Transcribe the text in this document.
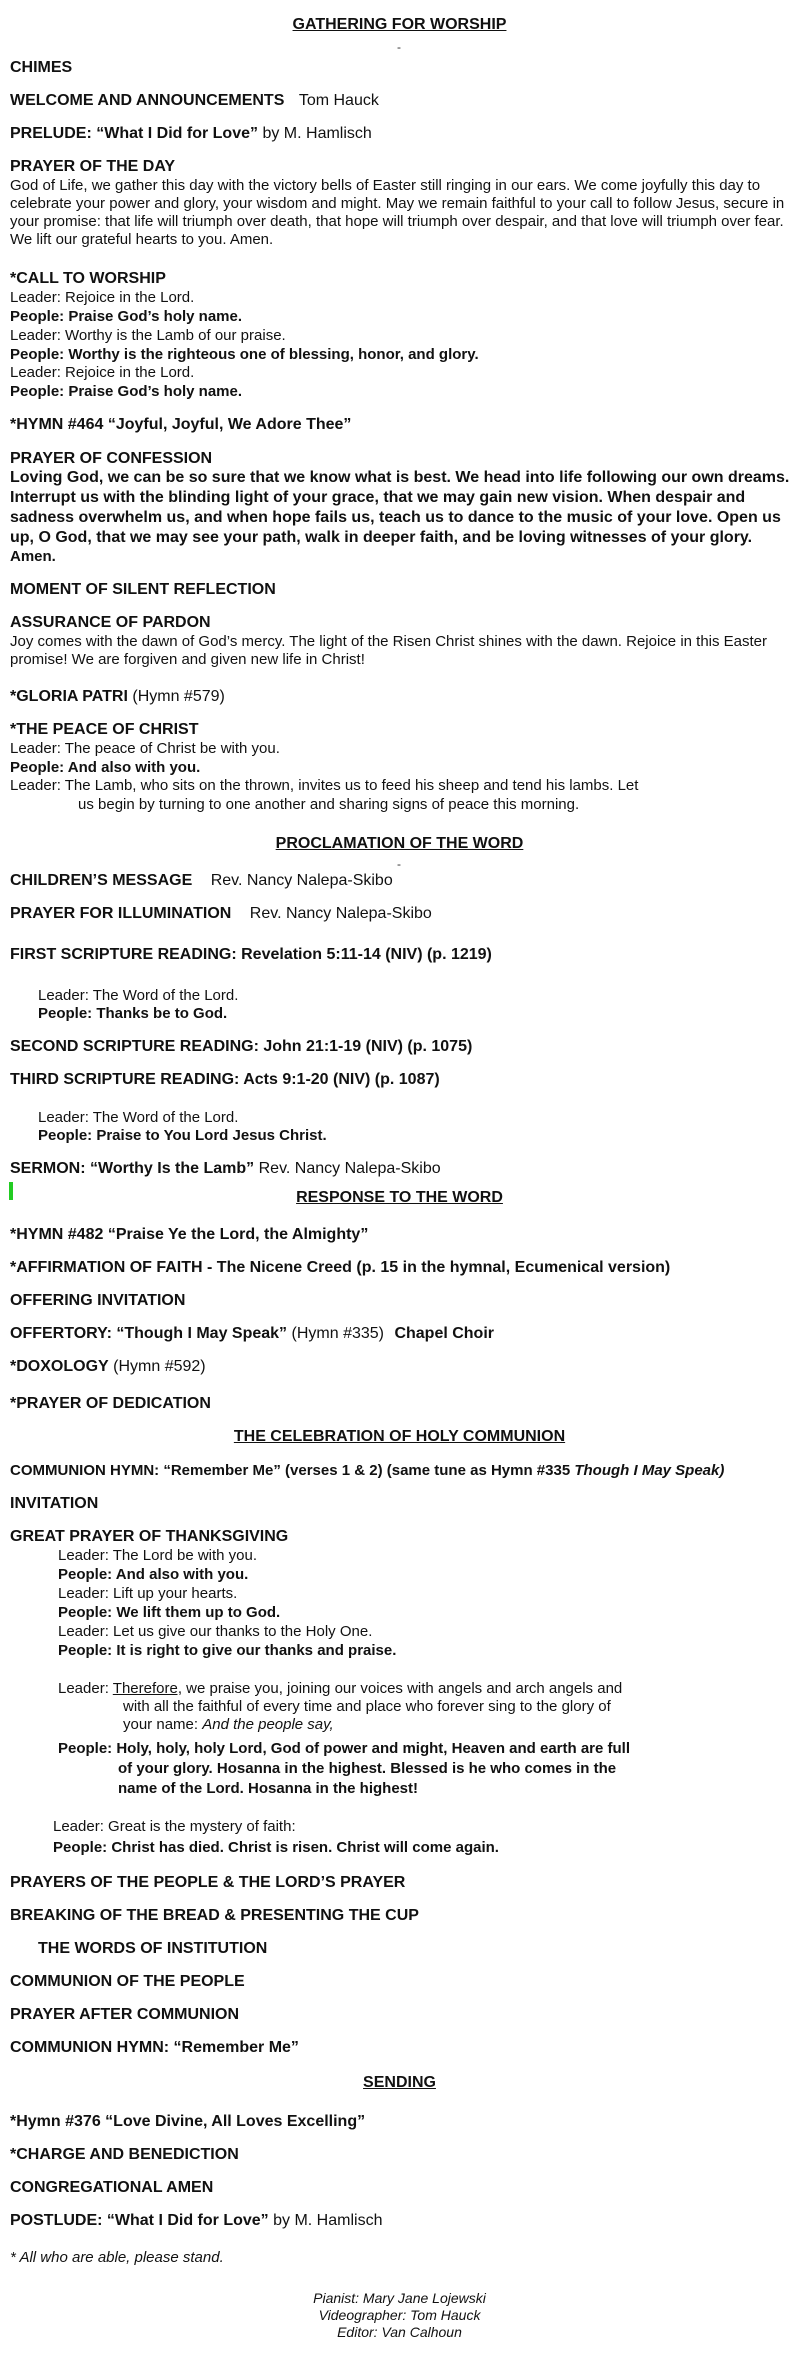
GATHERING FOR WORSHIP
-
CHIMES
WELCOME AND ANNOUNCEMENTS Tom Hauck
PRELUDE: “What I Did for Love” by M. Hamlisch
PRAYER OF THE DAY
God of Life, we gather this day with the victory bells of Easter still ringing in our ears. We come joyfully this day to celebrate your power and glory, your wisdom and might. May we remain faithful to your call to follow Jesus, secure in your promise: that life will triumph over death, that hope will triumph over despair, and that love will triumph over fear. We lift our grateful hearts to you. Amen.
*CALL TO WORSHIP
Leader: Rejoice in the Lord.
People: Praise God’s holy name.
Leader: Worthy is the Lamb of our praise.
People: Worthy is the righteous one of blessing, honor, and glory.
Leader: Rejoice in the Lord.
People: Praise God’s holy name.
*HYMN #464 “Joyful, Joyful, We Adore Thee”
PRAYER OF CONFESSION
Loving God, we can be so sure that we know what is best. We head into life following our own dreams. Interrupt us with the blinding light of your grace, that we may gain new vision. When despair and sadness overwhelm us, and when hope fails us, teach us to dance to the music of your love. Open us up, O God, that we may see your path, walk in deeper faith, and be loving witnesses of your glory.
Amen.
MOMENT OF SILENT REFLECTION
ASSURANCE OF PARDON
Joy comes with the dawn of God’s mercy. The light of the Risen Christ shines with the dawn. Rejoice in this Easter promise! We are forgiven and given new life in Christ!
*GLORIA PATRI (Hymn #579)
*THE PEACE OF CHRIST
Leader: The peace of Christ be with you.
People: And also with you.
Leader: The Lamb, who sits on the thrown, invites us to feed his sheep and tend his lambs. Let
us begin by turning to one another and sharing signs of peace this morning.
PROCLAMATION OF THE WORD
-
CHILDREN’S MESSAGE Rev. Nancy Nalepa-Skibo
PRAYER FOR ILLUMINATION Rev. Nancy Nalepa-Skibo
FIRST SCRIPTURE READING: Revelation 5:11-14 (NIV) (p. 1219)
Leader: The Word of the Lord.
People: Thanks be to God.
SECOND SCRIPTURE READING: John 21:1-19 (NIV) (p. 1075)
THIRD SCRIPTURE READING: Acts 9:1-20 (NIV) (p. 1087)
Leader: The Word of the Lord.
People: Praise to You Lord Jesus Christ.
SERMON: “Worthy Is the Lamb” Rev. Nancy Nalepa-Skibo
RESPONSE TO THE WORD
*HYMN #482 “Praise Ye the Lord, the Almighty”
*AFFIRMATION OF FAITH - The Nicene Creed (p. 15 in the hymnal, Ecumenical version)
OFFERING INVITATION
OFFERTORY: “Though I May Speak” (Hymn #335) Chapel Choir
*DOXOLOGY (Hymn #592)
*PRAYER OF DEDICATION
THE CELEBRATION OF HOLY COMMUNION
COMMUNION HYMN: “Remember Me” (verses 1 & 2) (same tune as Hymn #335 Though I May Speak)
INVITATION
GREAT PRAYER OF THANKSGIVING
Leader: The Lord be with you.
People: And also with you.
Leader: Lift up your hearts.
People: We lift them up to God.
Leader: Let us give our thanks to the Holy One.
People: It is right to give our thanks and praise.
Leader: Therefore, we praise you, joining our voices with angels and arch angels and
with all the faithful of every time and place who forever sing to the glory of
your name: And the people say,
People: Holy, holy, holy Lord, God of power and might, Heaven and earth are full
of your glory. Hosanna in the highest. Blessed is he who comes in the
name of the Lord. Hosanna in the highest!
Leader: Great is the mystery of faith:
People: Christ has died. Christ is risen. Christ will come again.
PRAYERS OF THE PEOPLE & THE LORD’S PRAYER
BREAKING OF THE BREAD & PRESENTING THE CUP
THE WORDS OF INSTITUTION
COMMUNION OF THE PEOPLE
PRAYER AFTER COMMUNION
COMMUNION HYMN: “Remember Me”
SENDING
*Hymn #376 “Love Divine, All Loves Excelling”
*CHARGE AND BENEDICTION
CONGREGATIONAL AMEN
POSTLUDE: “What I Did for Love” by M. Hamlisch
* All who are able, please stand.
Pianist: Mary Jane Lojewski
Videographer: Tom Hauck
Editor: Van Calhoun
